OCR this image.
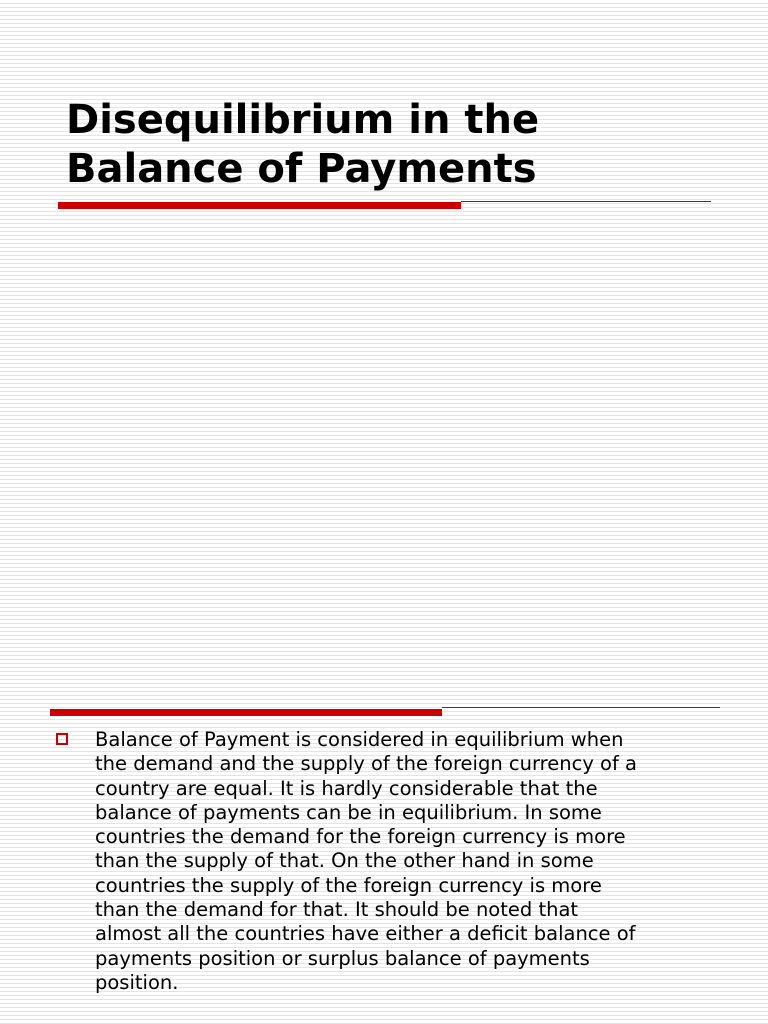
Disequilibrium in the
Balance of Payments
Balance of Payment is considered in equilibrium when
the demand and the supply of the foreign currency of a
country are equal. It is hardly considerable that the
balance of payments can be in equilibrium. In some
countries the demand for the foreign currency is more
than the supply of that. On the other hand in some
countries the supply of the foreign currency is more
than the demand for that. It should be noted that
almost all the countries have either a deficit balance of
payments position or surplus balance of payments
position.
